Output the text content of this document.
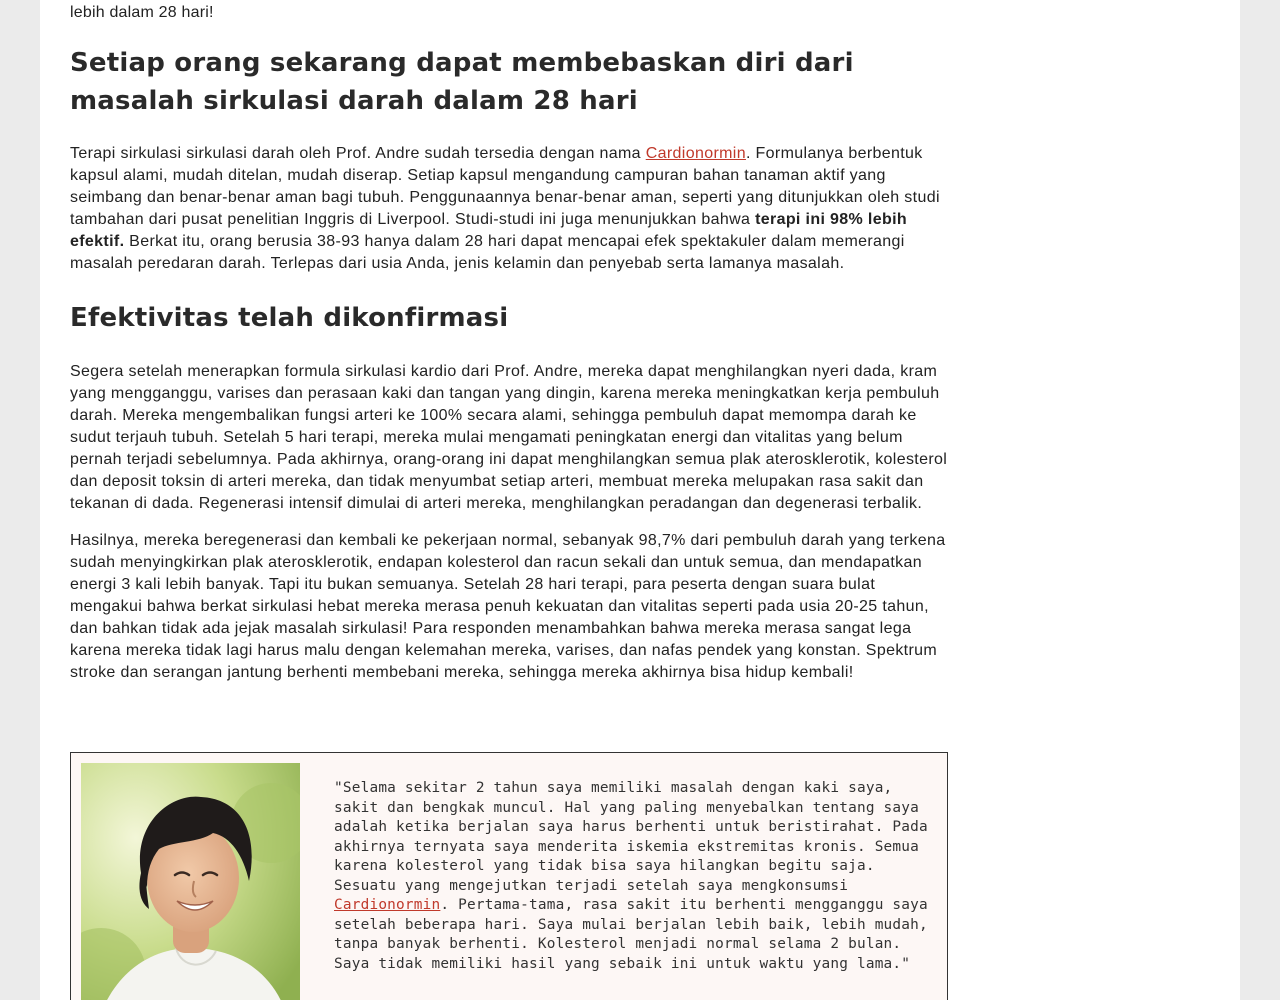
lebih dalam 28 hari!

Setiap orang sekarang dapat membebaskan diri dari masalah sirkulasi darah dalam 28 hari

Terapi sirkulasi sirkulasi darah oleh Prof. Andre sudah tersedia dengan nama Cardionormin. Formulanya berbentuk kapsul alami, mudah ditelan, mudah diserap. Setiap kapsul mengandung campuran bahan tanaman aktif yang seimbang dan benar-benar aman bagi tubuh. Penggunaannya benar-benar aman, seperti yang ditunjukkan oleh studi tambahan dari pusat penelitian Inggris di Liverpool. Studi-studi ini juga menunjukkan bahwa terapi ini 98% lebih efektif. Berkat itu, orang berusia 38-93 hanya dalam 28 hari dapat mencapai efek spektakuler dalam memerangi masalah peredaran darah. Terlepas dari usia Anda, jenis kelamin dan penyebab serta lamanya masalah.

Efektivitas telah dikonfirmasi

Segera setelah menerapkan formula sirkulasi kardio dari Prof. Andre, mereka dapat menghilangkan nyeri dada, kram yang mengganggu, varises dan perasaan kaki dan tangan yang dingin, karena mereka meningkatkan kerja pembuluh darah. Mereka mengembalikan fungsi arteri ke 100% secara alami, sehingga pembuluh dapat memompa darah ke sudut terjauh tubuh. Setelah 5 hari terapi, mereka mulai mengamati peningkatan energi dan vitalitas yang belum pernah terjadi sebelumnya. Pada akhirnya, orang-orang ini dapat menghilangkan semua plak aterosklerotik, kolesterol dan deposit toksin di arteri mereka, dan tidak menyumbat setiap arteri, membuat mereka melupakan rasa sakit dan tekanan di dada. Regenerasi intensif dimulai di arteri mereka, menghilangkan peradangan dan degenerasi terbalik.

Hasilnya, mereka beregenerasi dan kembali ke pekerjaan normal, sebanyak 98,7% dari pembuluh darah yang terkena sudah menyingkirkan plak aterosklerotik, endapan kolesterol dan racun sekali dan untuk semua, dan mendapatkan energi 3 kali lebih banyak. Tapi itu bukan semuanya. Setelah 28 hari terapi, para peserta dengan suara bulat mengakui bahwa berkat sirkulasi hebat mereka merasa penuh kekuatan dan vitalitas seperti pada usia 20-25 tahun, dan bahkan tidak ada jejak masalah sirkulasi! Para responden menambahkan bahwa mereka merasa sangat lega karena mereka tidak lagi harus malu dengan kelemahan mereka, varises, dan nafas pendek yang konstan. Spektrum stroke dan serangan jantung berhenti membebani mereka, sehingga mereka akhirnya bisa hidup kembali!

"Selama sekitar 2 tahun saya memiliki masalah dengan kaki saya, sakit dan bengkak muncul. Hal yang paling menyebalkan tentang saya adalah ketika berjalan saya harus berhenti untuk beristirahat. Pada akhirnya ternyata saya menderita iskemia ekstremitas kronis. Semua karena kolesterol yang tidak bisa saya hilangkan begitu saja. Sesuatu yang mengejutkan terjadi setelah saya mengkonsumsi Cardionormin. Pertama-tama, rasa sakit itu berhenti mengganggu saya setelah beberapa hari. Saya mulai berjalan lebih baik, lebih mudah, tanpa banyak berhenti. Kolesterol menjadi normal selama 2 bulan. Saya tidak memiliki hasil yang sebaik ini untuk waktu yang lama."
